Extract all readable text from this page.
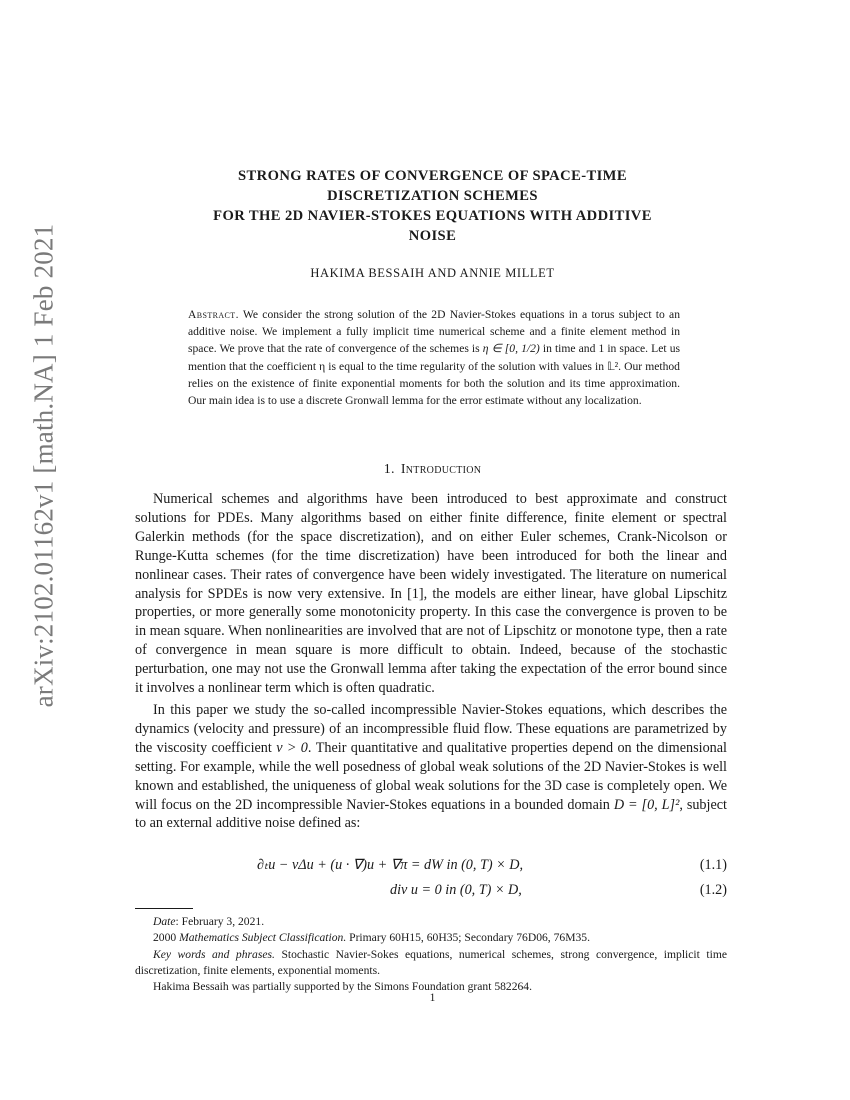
arXiv:2102.01162v1 [math.NA] 1 Feb 2021
STRONG RATES OF CONVERGENCE OF SPACE-TIME
DISCRETIZATION SCHEMES
FOR THE 2D NAVIER-STOKES EQUATIONS WITH ADDITIVE
NOISE
HAKIMA BESSAIH AND ANNIE MILLET
Abstract. We consider the strong solution of the 2D Navier-Stokes equations in a torus subject to an additive noise. We implement a fully implicit time numerical scheme and a finite element method in space. We prove that the rate of convergence of the schemes is η ∈ [0, 1/2) in time and 1 in space. Let us mention that the coefficient η is equal to the time regularity of the solution with values in 𝕃². Our method relies on the existence of finite exponential moments for both the solution and its time approximation. Our main idea is to use a discrete Gronwall lemma for the error estimate without any localization.
1. Introduction

Numerical schemes and algorithms have been introduced to best approximate and construct solutions for PDEs. Many algorithms based on either finite difference, finite element or spectral Galerkin methods (for the space discretization), and on either Euler schemes, Crank-Nicolson or Runge-Kutta schemes (for the time discretization) have been introduced for both the linear and nonlinear cases. Their rates of convergence have been widely investigated. The literature on numerical analysis for SPDEs is now very extensive. In [1], the models are either linear, have global Lipschitz properties, or more generally some monotonicity property. In this case the convergence is proven to be in mean square. When nonlinearities are involved that are not of Lipschitz or monotone type, then a rate of convergence in mean square is more difficult to obtain. Indeed, because of the stochastic perturbation, one may not use the Gronwall lemma after taking the expectation of the error bound since it involves a nonlinear term which is often quadratic.

In this paper we study the so-called incompressible Navier-Stokes equations, which describes the dynamics (velocity and pressure) of an incompressible fluid flow. These equations are parametrized by the viscosity coefficient ν > 0. Their quantitative and qualitative properties depend on the dimensional setting. For example, while the well posedness of global weak solutions of the 2D Navier-Stokes is well known and established, the uniqueness of global weak solutions for the 3D case is completely open. We will focus on the 2D incompressible Navier-Stokes equations in a bounded domain D = [0, L]², subject to an external additive noise defined as:

∂ₜu − νΔu + (u · ∇)u + ∇π = dW in (0, T) × D,	(1.1)
div u = 0 in (0, T) × D,	(1.2)
Date: February 3, 2021.
2000 Mathematics Subject Classification. Primary 60H15, 60H35; Secondary 76D06, 76M35.
Key words and phrases. Stochastic Navier-Sokes equations, numerical schemes, strong convergence, implicit time discretization, finite elements, exponential moments.
Hakima Bessaih was partially supported by the Simons Foundation grant 582264.
1
